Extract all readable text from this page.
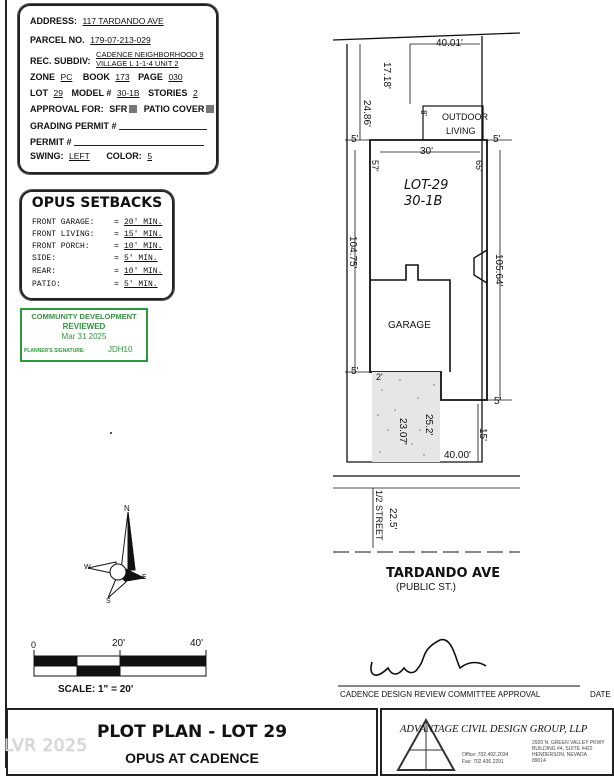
ADDRESS: 117 TARDANDO AVE
PARCEL NO. 179-07-213-029
REC. SUBDIV: CADENCE NEIGHBORHOOD 9
VILLAGE L 1-1-4 UNIT 2
ZONE PC BOOK 173 PAGE 030
LOT 29 MODEL # 30-1B STORIES 2
APPROVAL FOR: SFR PATIO COVER
GRADING PERMIT #
PERMIT #
SWING: LEFT COLOR: 5
OPUS SETBACKS
FRONT GARAGE: = 20' MIN.
FRONT LIVING: = 15' MIN.
FRONT PORCH:	= 10' MIN.
SIDE:	= 5' MIN.
REAR:	= 10' MIN.
PATIO:	= 5' MIN.
COMMUNITY DEVELOPMENT
REVIEWED
Mar 31 2025
PLANNER'S SIGNATURE:	JDH10
LOT-29
30-1B
OUTDOOR
LIVING
GARAGE
40.01'
17.18'
8'
24.86'
104.75'
105.64'
30'
5'	5'
5'
5'
57'	65'
2'
23.07' 25.2'	15'
40.00'
22.5'
1/2 STREET
TARDANDO AVE
(PUBLIC ST.)
N
E
S
W
0	20'	40'
SCALE: 1" = 20'	CADENCE DESIGN REVIEW COMMITTEE APPROVAL	DATE
PLOT PLAN - LOT 29
OPUS AT CADENCE
ADVANTAGE CIVIL DESIGN GROUP, LLP
2920 N. GREEN VALLEY PKWY
BUILDING #4, SUITE #422
HENDERSON, NEVADA
89014
Office: 702.492.2034
Fax: 702.436.2291
LVR 2025
